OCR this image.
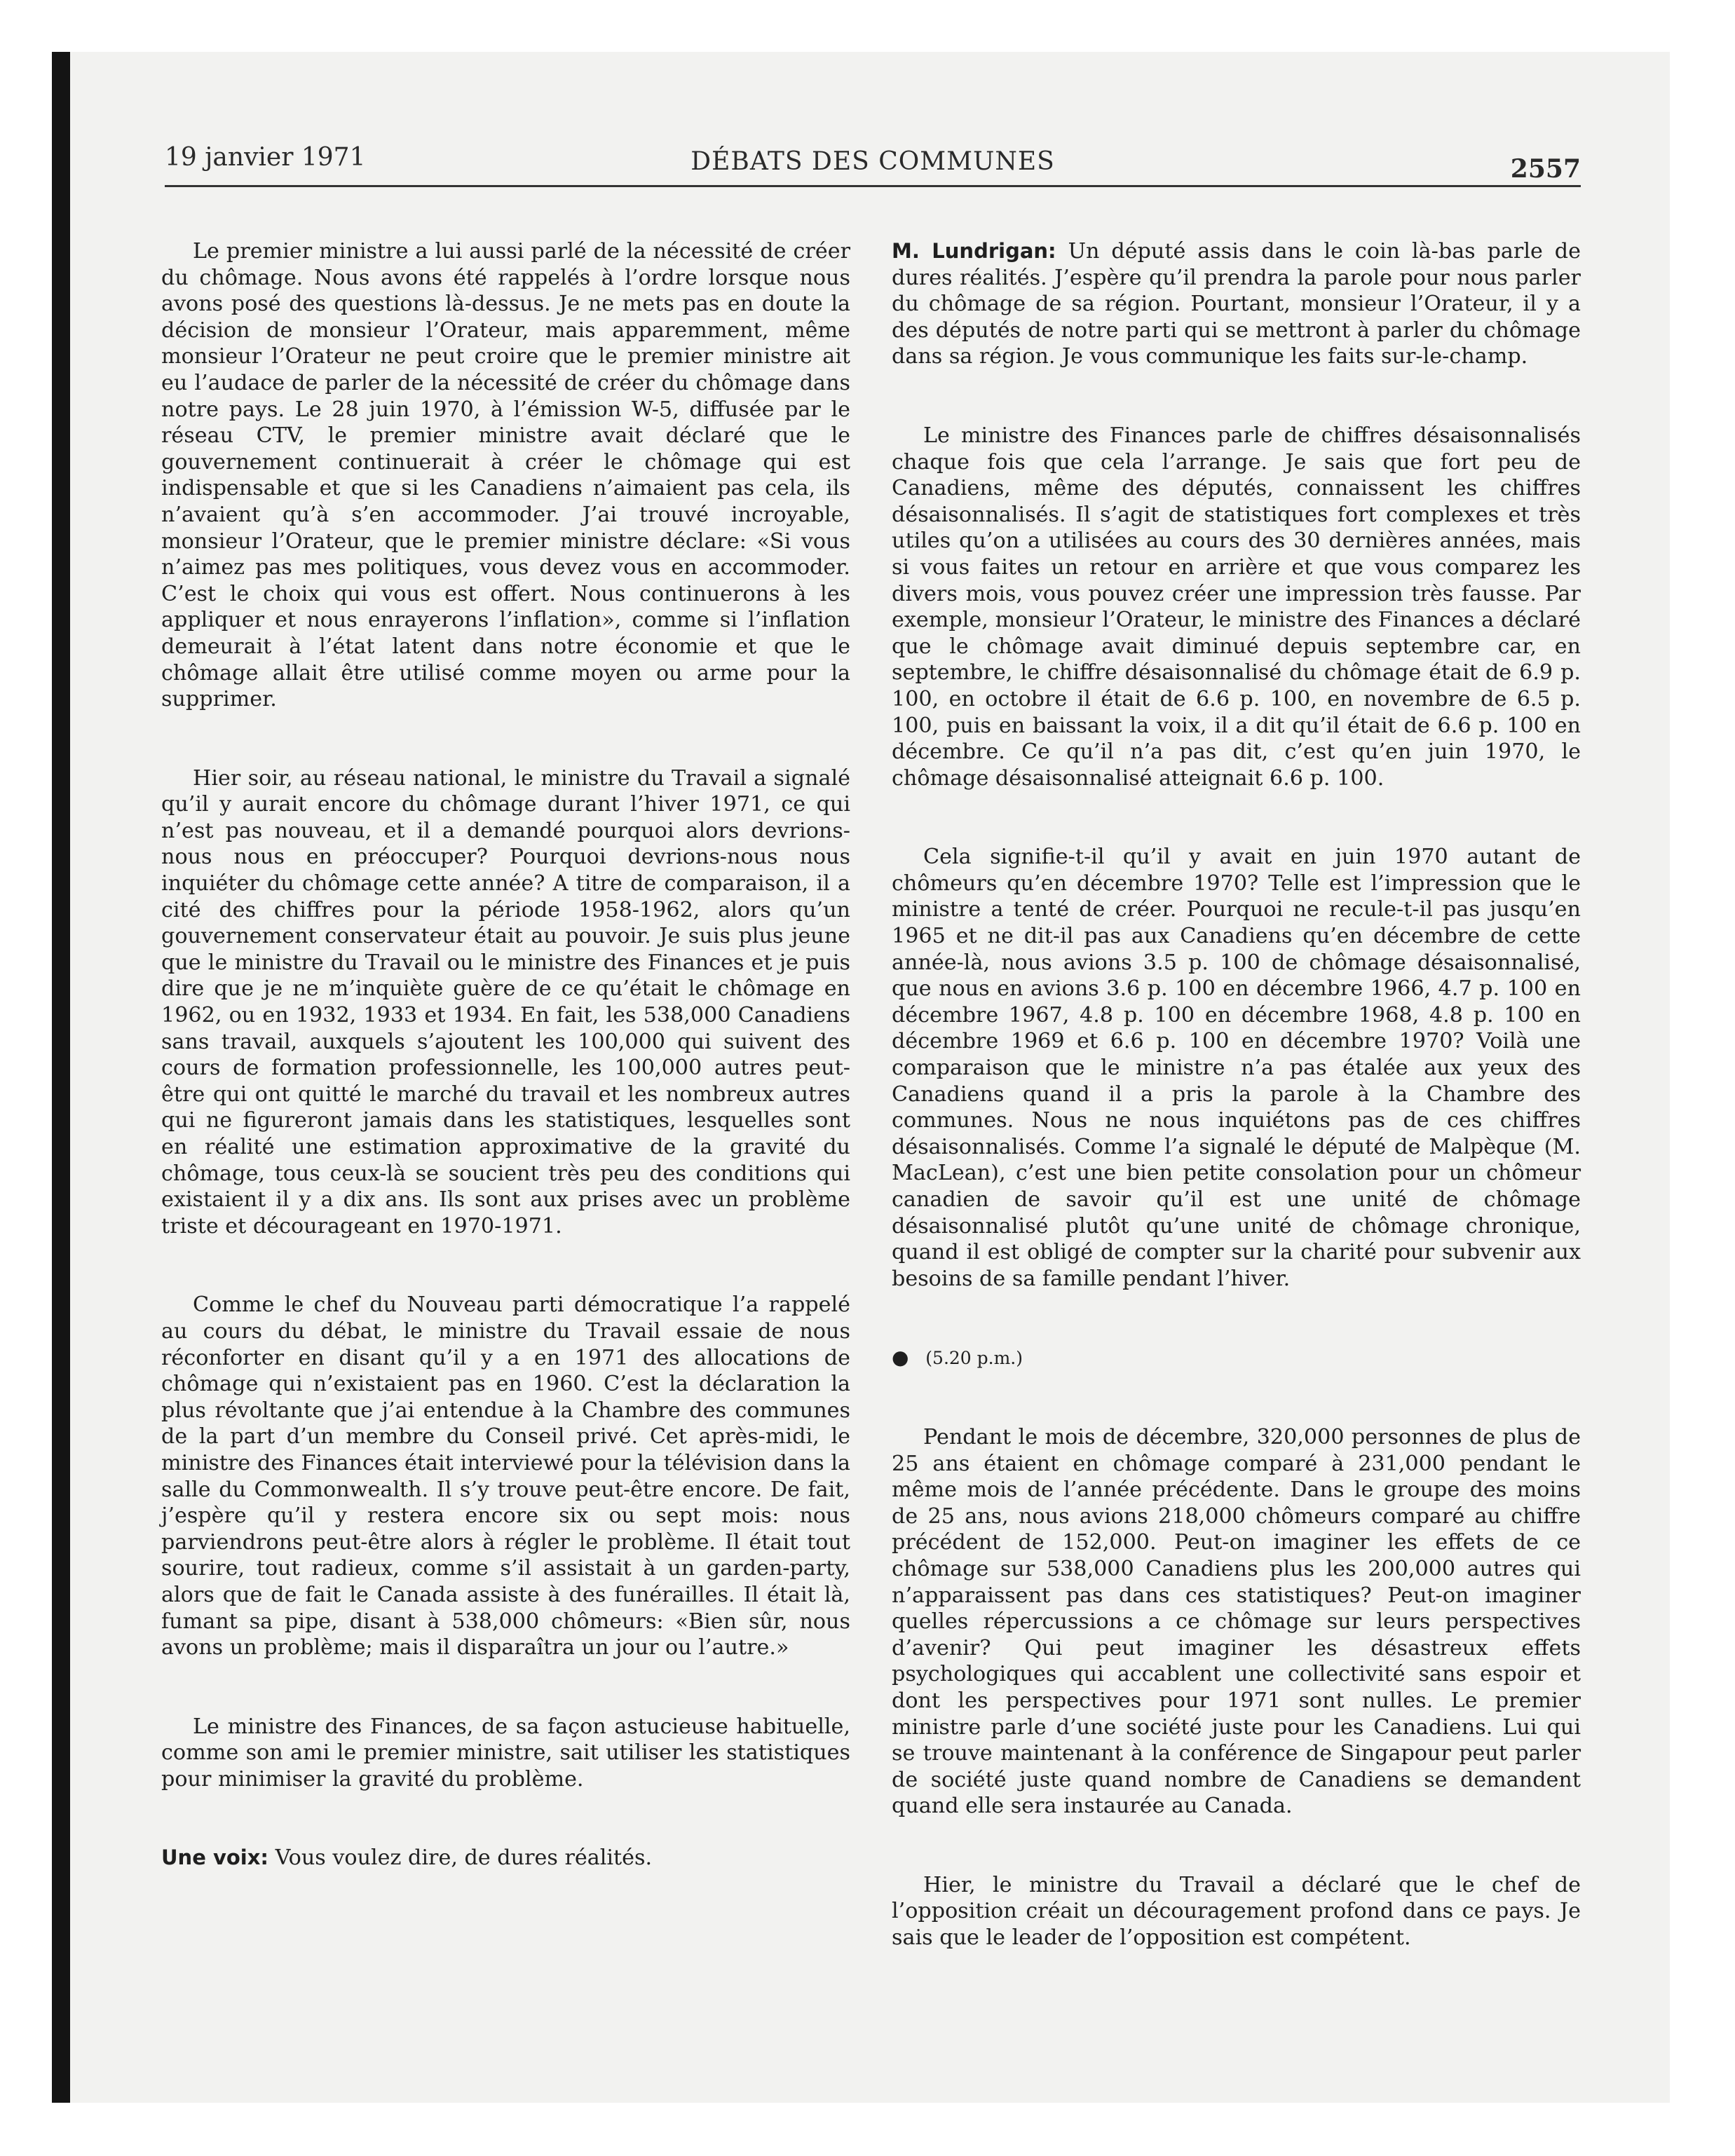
19 janvier 1971	DÉBATS DES COMMUNES	2557

Le premier ministre a lui aussi parlé de la nécessité de créer du chômage. Nous avons été rappelés à l’ordre lorsque nous avons posé des questions là-dessus. Je ne mets pas en doute la décision de monsieur l’Orateur, mais apparemment, même monsieur l’Orateur ne peut croire que le premier ministre ait eu l’audace de parler de la nécessité de créer du chômage dans notre pays. Le 28 juin 1970, à l’émission W-5, diffusée par le réseau CTV, le premier ministre avait déclaré que le gouvernement continuerait à créer le chômage qui est indispensable et que si les Canadiens n’aimaient pas cela, ils n’avaient qu’à s’en accommoder. J’ai trouvé incroyable, monsieur l’Orateur, que le premier ministre déclare: «Si vous n’aimez pas mes politiques, vous devez vous en accommoder. C’est le choix qui vous est offert. Nous continuerons à les appliquer et nous enrayerons l’inflation», comme si l’inflation demeurait à l’état latent dans notre économie et que le chômage allait être utilisé comme moyen ou arme pour la supprimer.

Hier soir, au réseau national, le ministre du Travail a signalé qu’il y aurait encore du chômage durant l’hiver 1971, ce qui n’est pas nouveau, et il a demandé pourquoi alors devrions-nous nous en préoccuper? Pourquoi devrions-nous nous inquiéter du chômage cette année? A titre de comparaison, il a cité des chiffres pour la période 1958-1962, alors qu’un gouvernement conservateur était au pouvoir. Je suis plus jeune que le ministre du Travail ou le ministre des Finances et je puis dire que je ne m’inquiète guère de ce qu’était le chômage en 1962, ou en 1932, 1933 et 1934. En fait, les 538,000 Canadiens sans travail, auxquels s’ajoutent les 100,000 qui suivent des cours de formation professionnelle, les 100,000 autres peut-être qui ont quitté le marché du travail et les nombreux autres qui ne figureront jamais dans les statistiques, lesquelles sont en réalité une estimation approximative de la gravité du chômage, tous ceux-là se soucient très peu des conditions qui existaient il y a dix ans. Ils sont aux prises avec un problème triste et décourageant en 1970-1971.

Comme le chef du Nouveau parti démocratique l’a rappelé au cours du débat, le ministre du Travail essaie de nous réconforter en disant qu’il y a en 1971 des allocations de chômage qui n’existaient pas en 1960. C’est la déclaration la plus révoltante que j’ai entendue à la Chambre des communes de la part d’un membre du Conseil privé. Cet après-midi, le ministre des Finances était interviewé pour la télévision dans la salle du Commonwealth. Il s’y trouve peut-être encore. De fait, j’espère qu’il y restera encore six ou sept mois: nous parviendrons peut-être alors à régler le problème. Il était tout sourire, tout radieux, comme s’il assistait à un garden-party, alors que de fait le Canada assiste à des funérailles. Il était là, fumant sa pipe, disant à 538,000 chômeurs: «Bien sûr, nous avons un problème; mais il disparaîtra un jour ou l’autre.»

Le ministre des Finances, de sa façon astucieuse habituelle, comme son ami le premier ministre, sait utiliser les statistiques pour minimiser la gravité du problème.

Une voix: Vous voulez dire, de dures réalités.

M. Lundrigan: Un député assis dans le coin là-bas parle de dures réalités. J’espère qu’il prendra la parole pour nous parler du chômage de sa région. Pourtant, monsieur l’Orateur, il y a des députés de notre parti qui se mettront à parler du chômage dans sa région. Je vous communique les faits sur-le-champ.

Le ministre des Finances parle de chiffres désaisonnalisés chaque fois que cela l’arrange. Je sais que fort peu de Canadiens, même des députés, connaissent les chiffres désaisonnalisés. Il s’agit de statistiques fort complexes et très utiles qu’on a utilisées au cours des 30 dernières années, mais si vous faites un retour en arrière et que vous comparez les divers mois, vous pouvez créer une impression très fausse. Par exemple, monsieur l’Orateur, le ministre des Finances a déclaré que le chômage avait diminué depuis septembre car, en septembre, le chiffre désaisonnalisé du chômage était de 6.9 p. 100, en octobre il était de 6.6 p. 100, en novembre de 6.5 p. 100, puis en baissant la voix, il a dit qu’il était de 6.6 p. 100 en décembre. Ce qu’il n’a pas dit, c’est qu’en juin 1970, le chômage désaisonnalisé atteignait 6.6 p. 100.

Cela signifie-t-il qu’il y avait en juin 1970 autant de chômeurs qu’en décembre 1970? Telle est l’impression que le ministre a tenté de créer. Pourquoi ne recule-t-il pas jusqu’en 1965 et ne dit-il pas aux Canadiens qu’en décembre de cette année-là, nous avions 3.5 p. 100 de chômage désaisonnalisé, que nous en avions 3.6 p. 100 en décembre 1966, 4.7 p. 100 en décembre 1967, 4.8 p. 100 en décembre 1968, 4.8 p. 100 en décembre 1969 et 6.6 p. 100 en décembre 1970? Voilà une comparaison que le ministre n’a pas étalée aux yeux des Canadiens quand il a pris la parole à la Chambre des communes. Nous ne nous inquiétons pas de ces chiffres désaisonnalisés. Comme l’a signalé le député de Malpèque (M. MacLean), c’est une bien petite consolation pour un chômeur canadien de savoir qu’il est une unité de chômage désaisonnalisé plutôt qu’une unité de chômage chronique, quand il est obligé de compter sur la charité pour subvenir aux besoins de sa famille pendant l’hiver.

● (5.20 p.m.)

Pendant le mois de décembre, 320,000 personnes de plus de 25 ans étaient en chômage comparé à 231,000 pendant le même mois de l’année précédente. Dans le groupe des moins de 25 ans, nous avions 218,000 chômeurs comparé au chiffre précédent de 152,000. Peut-on imaginer les effets de ce chômage sur 538,000 Canadiens plus les 200,000 autres qui n’apparaissent pas dans ces statistiques? Peut-on imaginer quelles répercussions a ce chômage sur leurs perspectives d’avenir? Qui peut imaginer les désastreux effets psychologiques qui accablent une collectivité sans espoir et dont les perspectives pour 1971 sont nulles. Le premier ministre parle d’une société juste pour les Canadiens. Lui qui se trouve maintenant à la conférence de Singapour peut parler de société juste quand nombre de Canadiens se demandent quand elle sera instaurée au Canada.

Hier, le ministre du Travail a déclaré que le chef de l’opposition créait un découragement profond dans ce pays. Je sais que le leader de l’opposition est compétent.
